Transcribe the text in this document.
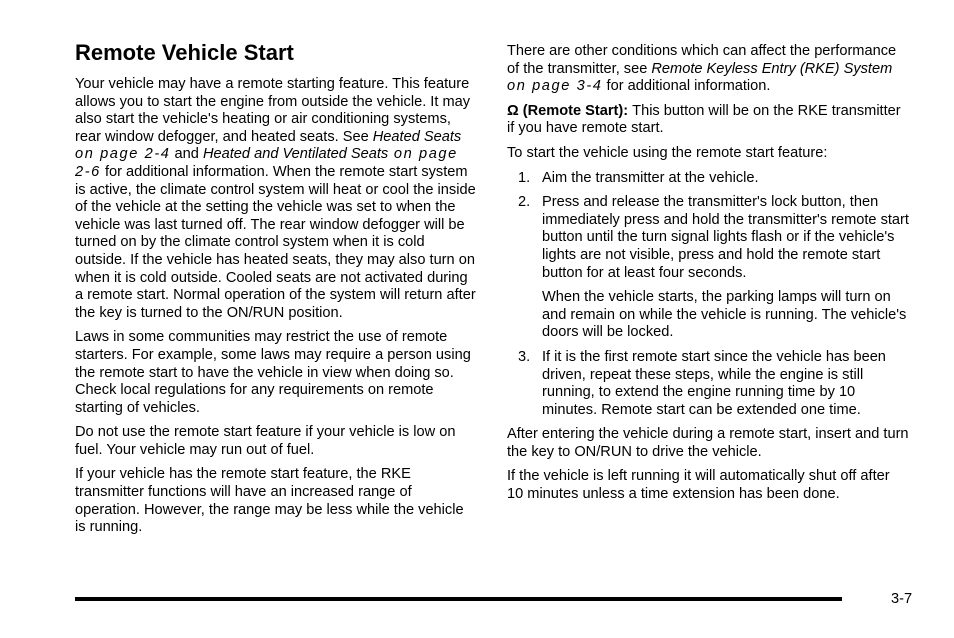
Remote Vehicle Start

Your vehicle may have a remote starting feature. This feature allows you to start the engine from outside the vehicle. It may also start the vehicle's heating or air conditioning systems, rear window defogger, and heated seats. See Heated Seats on page 2-4 and Heated and Ventilated Seats on page 2-6 for additional information. When the remote start system is active, the climate control system will heat or cool the inside of the vehicle at the setting the vehicle was set to when the vehicle was last turned off. The rear window defogger will be turned on by the climate control system when it is cold outside. If the vehicle has heated seats, they may also turn on when it is cold outside. Cooled seats are not activated during a remote start. Normal operation of the system will return after the key is turned to the ON/RUN position.

Laws in some communities may restrict the use of remote starters. For example, some laws may require a person using the remote start to have the vehicle in view when doing so. Check local regulations for any requirements on remote starting of vehicles.

Do not use the remote start feature if your vehicle is low on fuel. Your vehicle may run out of fuel.

If your vehicle has the remote start feature, the RKE transmitter functions will have an increased range of operation. However, the range may be less while the vehicle is running.

There are other conditions which can affect the performance of the transmitter, see Remote Keyless Entry (RKE) System on page 3-4 for additional information.

Ω (Remote Start): This button will be on the RKE transmitter if you have remote start.

To start the vehicle using the remote start feature:

1. Aim the transmitter at the vehicle.
2. Press and release the transmitter's lock button, then immediately press and hold the transmitter's remote start button until the turn signal lights flash or if the vehicle's lights are not visible, press and hold the remote start button for at least four seconds.

When the vehicle starts, the parking lamps will turn on and remain on while the vehicle is running. The vehicle's doors will be locked.

3. If it is the first remote start since the vehicle has been driven, repeat these steps, while the engine is still running, to extend the engine running time by 10 minutes. Remote start can be extended one time.

After entering the vehicle during a remote start, insert and turn the key to ON/RUN to drive the vehicle.

If the vehicle is left running it will automatically shut off after 10 minutes unless a time extension has been done.

3-7
